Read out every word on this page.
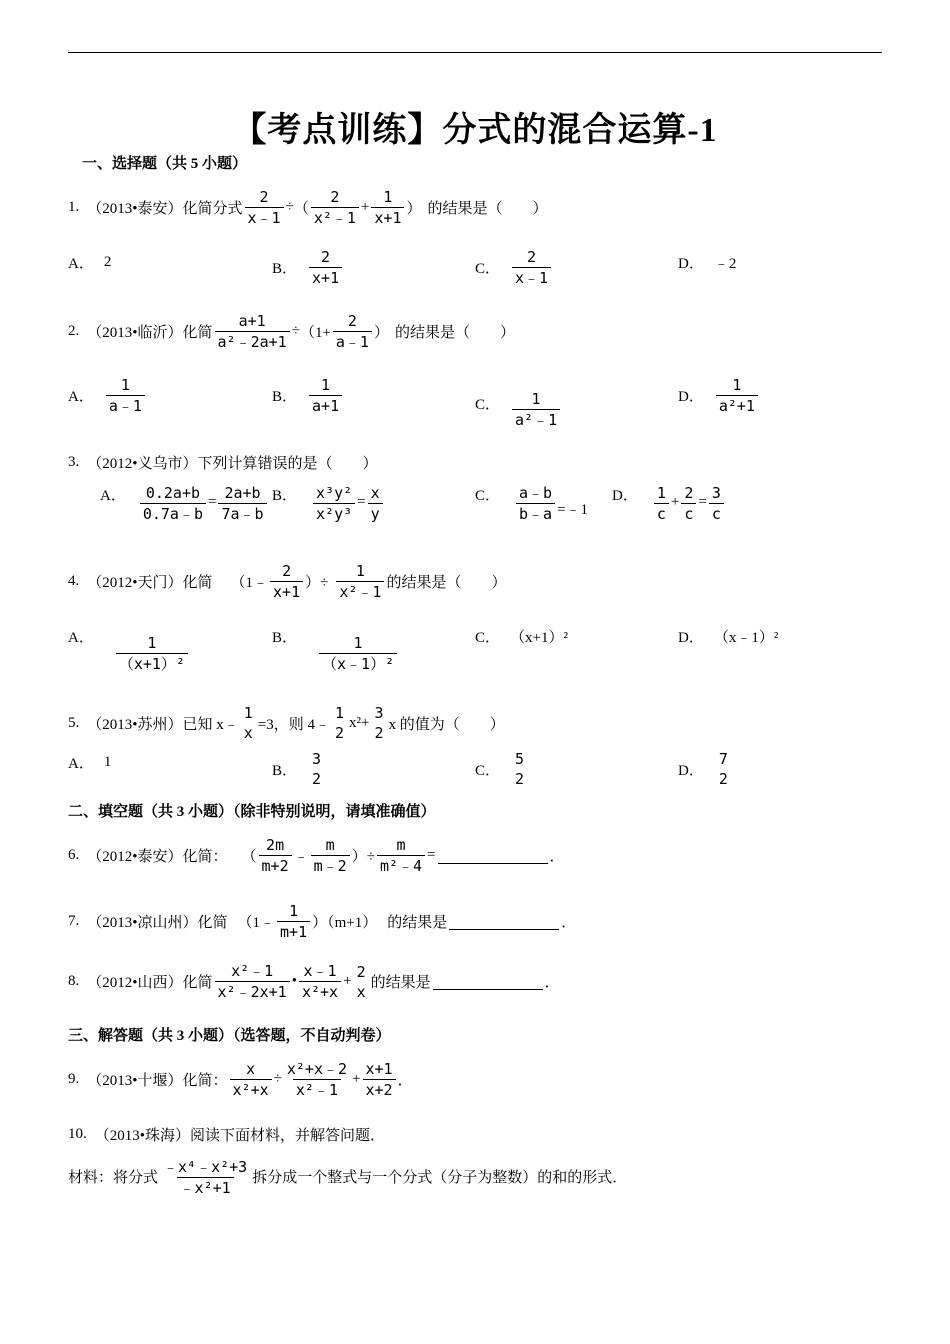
【考点训练】分式的混合运算-1
一、选择题（共 5 小题）
1. （2013•泰安）化简分式 $\frac{2}{x﹣1}$ ÷ （ $\frac{2}{\text{x²﹣1}} + \frac{1}{x+1}$ ） 的结果是（　　）
A． 2	B． $\frac{2}{x+1}$	C． $\frac{2}{x﹣1}$	D． ﹣2
2. （2013•临沂）化简 $\frac{a+1}{\text{a²﹣2a+1}} \div (1+ \frac{2}{a﹣1}$ ） 的结果是（　　）
A． $\frac{1}{a﹣1}$	B． $\frac{1}{a+1}$	C． $\frac{1}{\text{a²﹣1}}$	D． $\frac{1}{\text{a²+1}}$
3. （2012•义乌市）下列计算错误的是（　　）
A． $\frac{0.2a+b}{0.7a﹣b} = \frac{2a+b}{7a﹣b}$ B． $\frac{\text{x³y²}}{\text{x²y³}} = \frac{x}{y}$	C． $\frac{a﹣b}{b﹣a}$ =﹣1
D． $\frac{1}{c} + \frac{2}{c} = \frac{3}{c}$
4. （2012•天门）化简 （1﹣ $\frac{2}{x+1}$ ）÷ $\frac{1}{\text{x²﹣1}}$ 的结果是（　　）
A． $\frac{1}{\text{（x+1）²}}$	B． $\frac{1}{\text{（x﹣1）²}}$	C． （x+1）²	D． （x﹣1）²
5. （2013•苏州）已知 x﹣
1
x =3，则 4﹣
1
2
x²+
3
2 x 的值为（　　）
A． 1
B．
3
2	C．
5
2	D．
7
2
二、填空题（共 3 小题）（除非特别说明，请填准确值）
6. （2012•泰安）化简： （ $\frac{2m}{m+2}$ ﹣ $\frac{m}{m﹣2}$ ）÷ $\frac{m}{\text{m²﹣4}}$ =	．
7. （2013•凉山州）化简 （1﹣ $\frac{1}{m+1} )(m+1)$ 的结果是	．
8. （2012•山西）化简 $\frac{\text{x²﹣1}}{\text{x²﹣2x+1}}$ • $\frac{x﹣1}{\text{x²+x}}$ +
2
x 的结果是	．
三、解答题（共 3 小题）（选答题，不自动判卷）
9. （2013•十堰）化简： $\frac{x}{\text{x²+x}} \div \frac{\text{x²+x﹣2}}{\text{x²﹣1}} + \frac{x+1}{x+2}$ ．
10. （2013•珠海）阅读下面材料，并解答问题．
材料：将分式 $\frac{\text{﹣x⁴﹣x²+3}}{\text{﹣x²+1}}$ 拆分成一个整式与一个分式（分子为整数）的和的形式．
